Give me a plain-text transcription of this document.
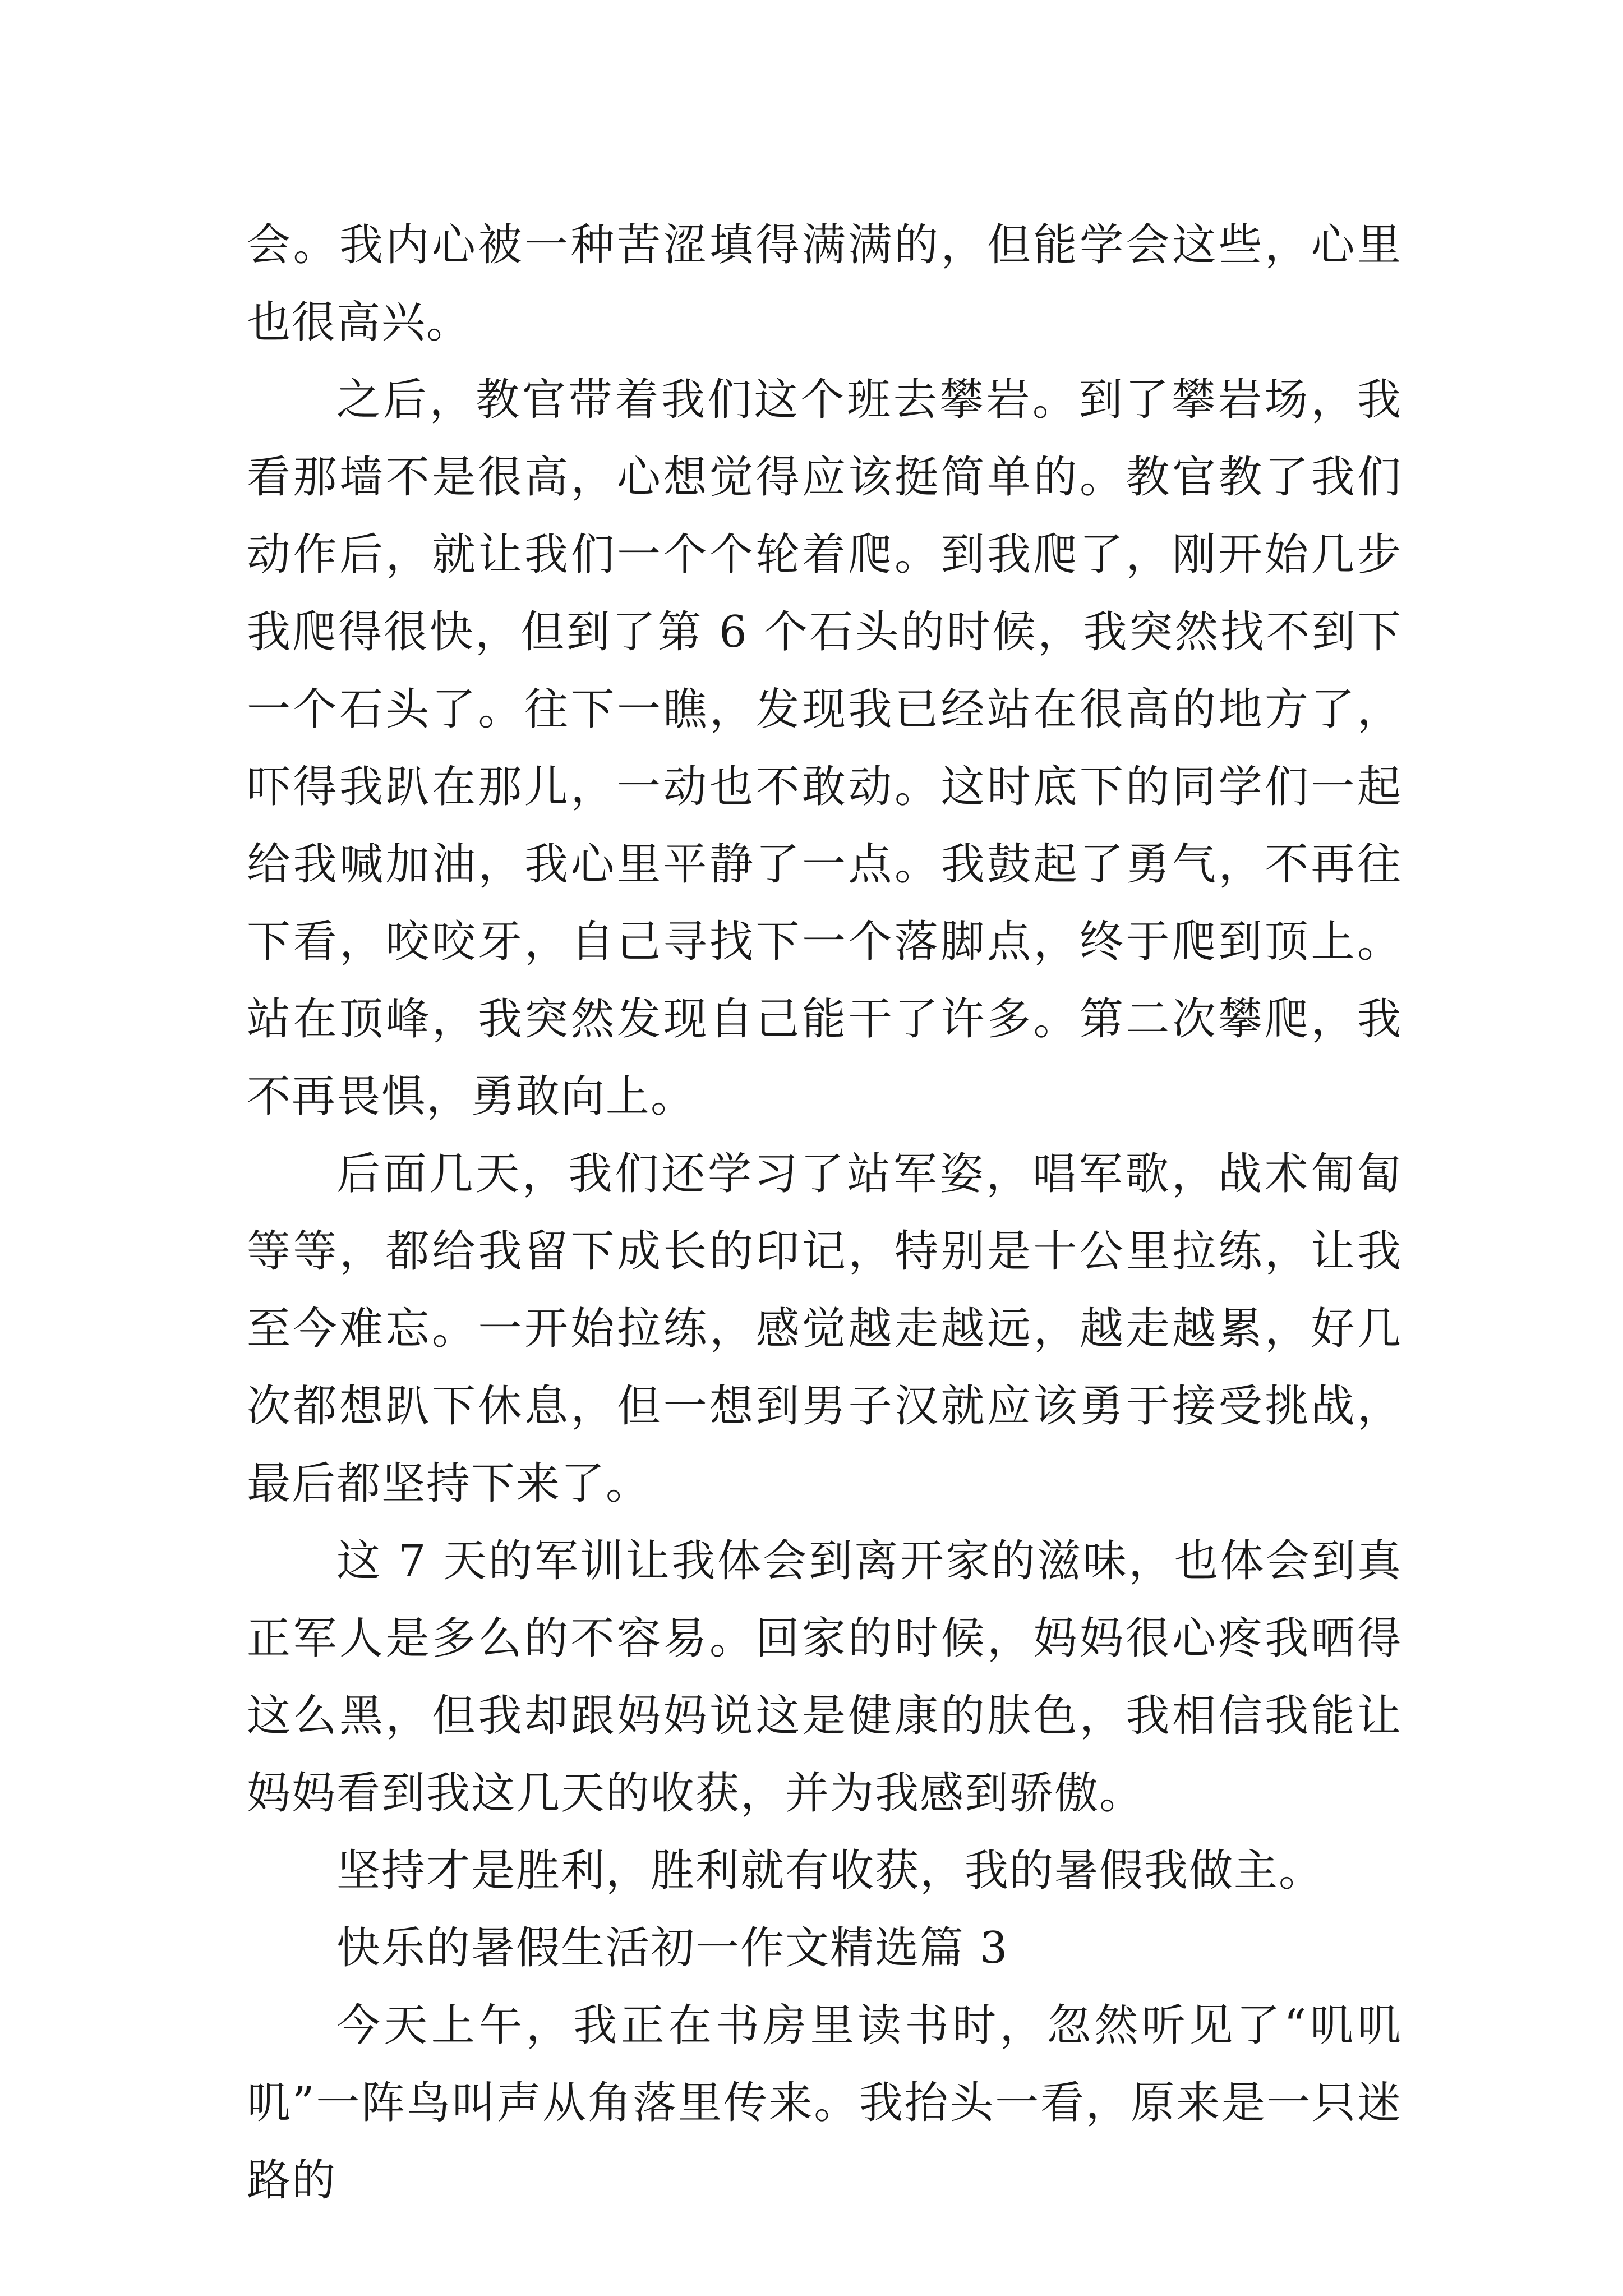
会。我内心被一种苦涩填得满满的，但能学会这些，心里也很高兴。

之后，教官带着我们这个班去攀岩。到了攀岩场，我看那墙不是很高，心想觉得应该挺简单的。教官教了我们动作后，就让我们一个个轮着爬。到我爬了，刚开始几步我爬得很快，但到了第 6 个石头的时候，我突然找不到下一个石头了。往下一瞧，发现我已经站在很高的地方了，吓得我趴在那儿，一动也不敢动。这时底下的同学们一起给我喊加油，我心里平静了一点。我鼓起了勇气，不再往下看，咬咬牙，自己寻找下一个落脚点，终于爬到顶上。站在顶峰，我突然发现自己能干了许多。第二次攀爬，我不再畏惧，勇敢向上。

后面几天，我们还学习了站军姿，唱军歌，战术匍匐等等，都给我留下成长的印记，特别是十公里拉练，让我至今难忘。一开始拉练，感觉越走越远，越走越累，好几次都想趴下休息，但一想到男子汉就应该勇于接受挑战，最后都坚持下来了。

这 7 天的军训让我体会到离开家的滋味，也体会到真正军人是多么的不容易。回家的时候，妈妈很心疼我晒得这么黑，但我却跟妈妈说这是健康的肤色，我相信我能让妈妈看到我这几天的收获，并为我感到骄傲。

坚持才是胜利，胜利就有收获，我的暑假我做主。

快乐的暑假生活初一作文精选篇 3

今天上午，我正在书房里读书时，忽然听见了“叽叽叽”一阵鸟叫声从角落里传来。我抬头一看，原来是一只迷路的
